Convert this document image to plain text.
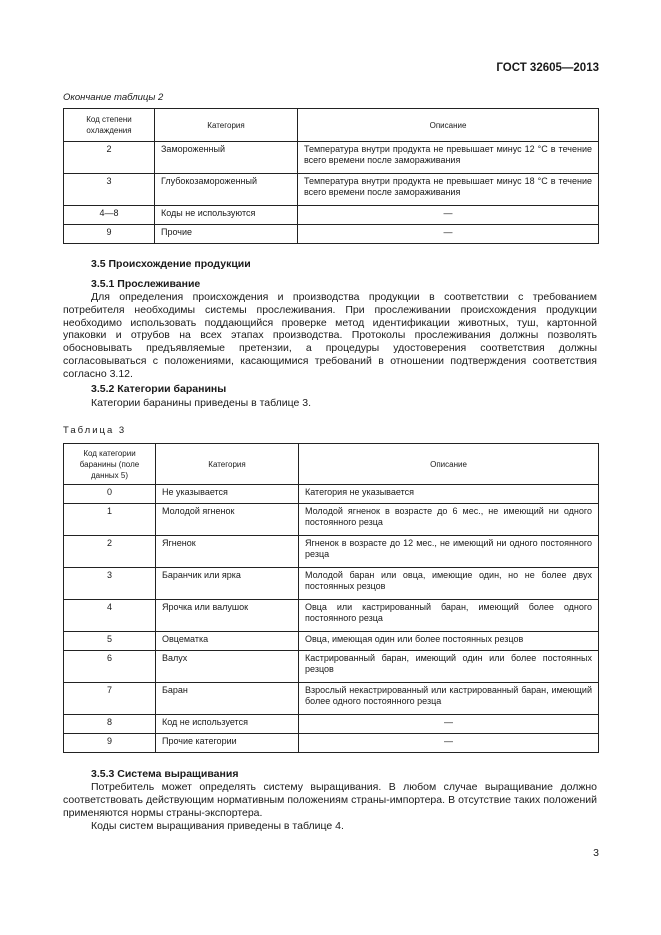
ГОСТ 32605—2013
Окончание таблицы 2
Код степени охлаждения	Категория	Описание
2	Замороженный	Температура внутри продукта не превышает минус 12 °С в течение всего времени после замораживания
3	Глубокозамороженный	Температура внутри продукта не превышает минус 18 °С в течение всего времени после замораживания
4—8	Коды не используются	—
9	Прочие	—
3.5 Происхождение продукции
3.5.1 Прослеживание
Для определения происхождения и производства продукции в соответствии с требованием потребителя необходимы системы прослеживания. При прослеживании происхождения продукции необходимо использовать поддающийся проверке метод идентификации животных, туш, картонной упаковки и отрубов на всех этапах производства. Протоколы прослеживания должны позволять обосновывать предъявляемые претензии, а процедуры удостоверения соответствия должны согласовываться с положениями, касающимися требований в отношении подтверждения соответствия согласно 3.12.
3.5.2 Категории баранины
Категории баранины приведены в таблице 3.
Таблица 3
Код категории баранины (поле данных 5)	Категория	Описание
0	Не указывается	Категория не указывается
1	Молодой ягненок	Молодой ягненок в возрасте до 6 мес., не имеющий ни одного постоянного резца
2	Ягненок	Ягненок в возрасте до 12 мес., не имеющий ни одного постоянного резца
3	Баранчик или ярка	Молодой баран или овца, имеющие один, но не более двух постоянных резцов
4	Ярочка или валушок	Овца или кастрированный баран, имеющий более одного постоянного резца
5	Овцематка	Овца, имеющая один или более постоянных резцов
6	Валух	Кастрированный баран, имеющий один или более постоянных резцов
7	Баран	Взрослый некастрированный или кастрированный баран, имеющий более одного постоянного резца
8	Код не используется	—
9	Прочие категории	—
3.5.3 Система выращивания
Потребитель может определять систему выращивания. В любом случае выращивание должно соответствовать действующим нормативным положениям страны-импортера. В отсутствие таких положений применяются нормы страны-экспортера.
Коды систем выращивания приведены в таблице 4.
3
